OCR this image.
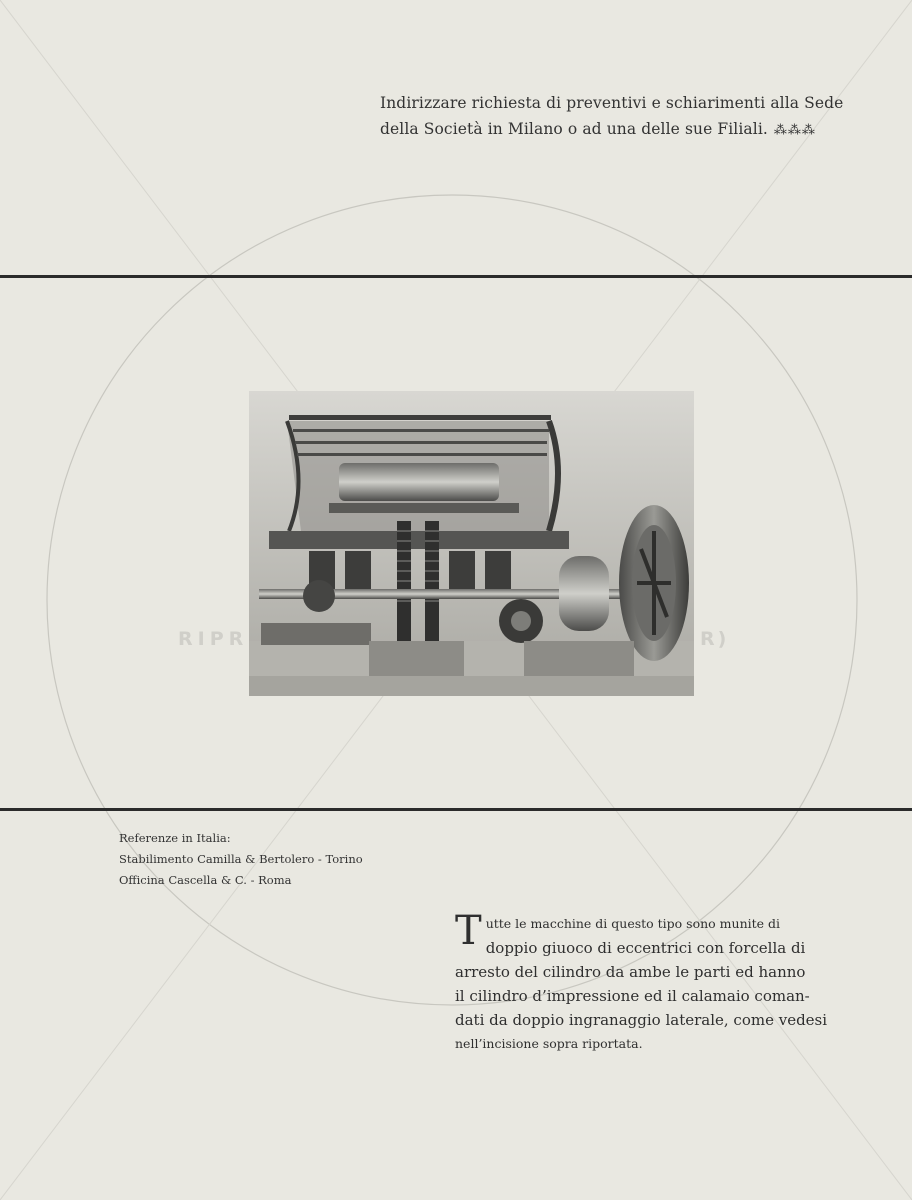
Indirizzare richiesta di preventivi e schiarimenti alla Sede
della Società in Milano o ad una delle sue Filiali. ⁂⁂⁂
RIPR	R)
Referenze in Italia:
Stabilimento Camilla & Bertolero - Torino
Officina Cascella & C. - Roma
T utte le macchine di questo tipo sono munite di
doppio giuoco di eccentrici con forcella di
arresto del cilindro da ambe le parti ed hanno
il cilindro d’impressione ed il calamaio coman-
dati da doppio ingranaggio laterale, come vedesi
nell’incisione sopra riportata.
